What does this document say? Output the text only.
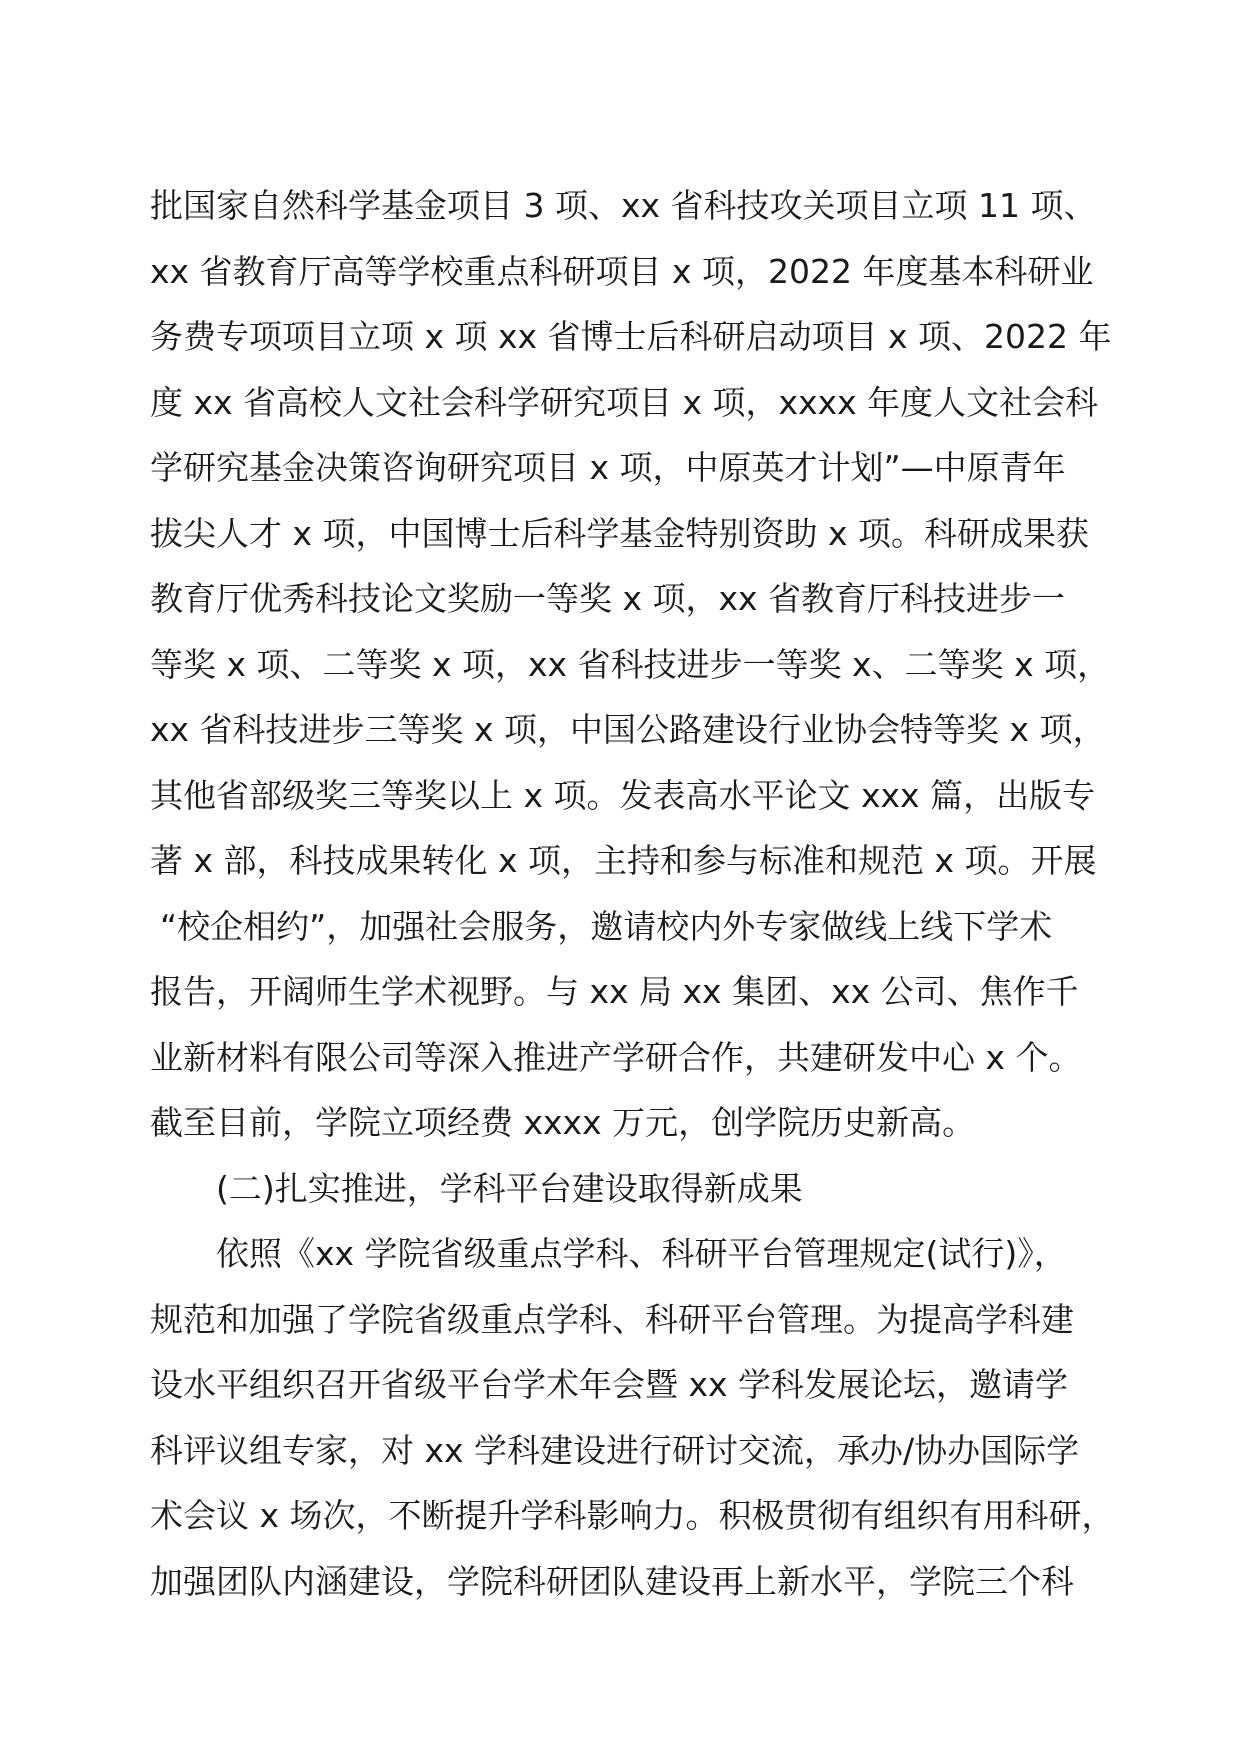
批国家自然科学基金项目 3 项、xx 省科技攻关项目立项 11 项、
xx 省教育厅高等学校重点科研项目 x 项，2022 年度基本科研业
务费专项项目立项 x 项 xx 省博士后科研启动项目 x 项、2022 年
度 xx 省高校人文社会科学研究项目 x 项，xxxx 年度人文社会科
学研究基金决策咨询研究项目 x 项，中原英才计划”—中原青年
拔尖人才 x 项，中国博士后科学基金特别资助 x 项。科研成果获
教育厅优秀科技论文奖励一等奖 x 项，xx 省教育厅科技进步一
等奖 x 项、二等奖 x 项，xx 省科技进步一等奖 x、二等奖 x 项，
xx 省科技进步三等奖 x 项，中国公路建设行业协会特等奖 x 项，
其他省部级奖三等奖以上 x 项。发表高水平论文 xxx 篇，出版专
著 x 部，科技成果转化 x 项，主持和参与标准和规范 x 项。开展
“校企相约”，加强社会服务，邀请校内外专家做线上线下学术
报告，开阔师生学术视野。与 xx 局 xx 集团、xx 公司、焦作千
业新材料有限公司等深入推进产学研合作，共建研发中心 x 个。
截至目前，学院立项经费 xxxx 万元，创学院历史新高。
(二)扎实推进，学科平台建设取得新成果
依照《xx 学院省级重点学科、科研平台管理规定(试行)》，
规范和加强了学院省级重点学科、科研平台管理。为提高学科建
设水平组织召开省级平台学术年会暨 xx 学科发展论坛，邀请学
科评议组专家，对 xx 学科建设进行研讨交流，承办/协办国际学
术会议 x 场次，不断提升学科影响力。积极贯彻有组织有用科研，
加强团队内涵建设，学院科研团队建设再上新水平，学院三个科
